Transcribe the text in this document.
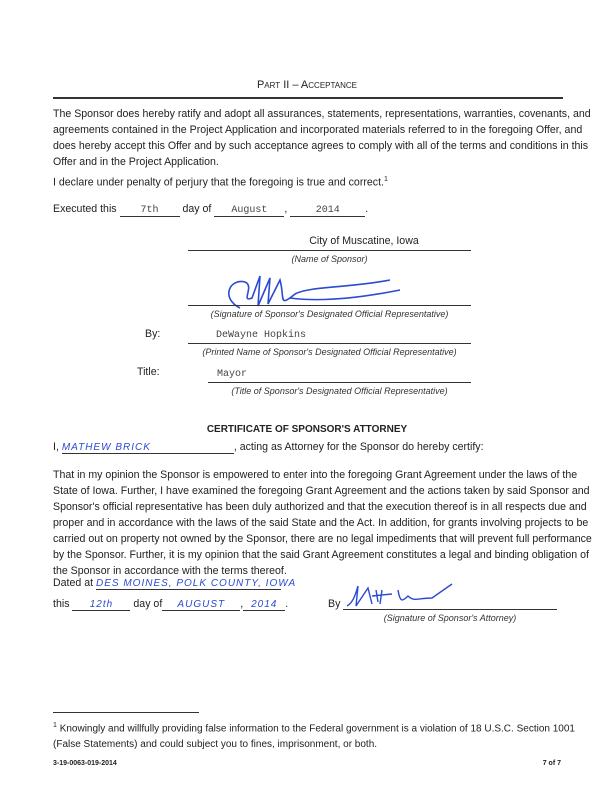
Part II – Acceptance
The Sponsor does hereby ratify and adopt all assurances, statements, representations, warranties, covenants, and agreements contained in the Project Application and incorporated materials referred to in the foregoing Offer, and does hereby accept this Offer and by such acceptance agrees to comply with all of the terms and conditions in this Offer and in the Project Application.
I declare under penalty of perjury that the foregoing is true and correct.$^1$
Executed this 7th day of August ,	2014 .
City of Muscatine, Iowa
(Name of Sponsor)
(Signature of Sponsor's Designated Official Representative)
By:	DeWayne Hopkins
(Printed Name of Sponsor's Designated Official Representative)
Title:	Mayor
(Title of Sponsor's Designated Official Representative)
CERTIFICATE OF SPONSOR'S ATTORNEY
I, MATHEW BRICK	, acting as Attorney for the Sponsor do hereby certify:
That in my opinion the Sponsor is empowered to enter into the foregoing Grant Agreement under the laws of the State of Iowa. Further, I have examined the foregoing Grant Agreement and the actions taken by said Sponsor and Sponsor's official representative has been duly authorized and that the execution thereof is in all respects due and proper and in accordance with the laws of the said State and the Act. In addition, for grants involving projects to be carried out on property not owned by the Sponsor, there are no legal impediments that will prevent full performance by the Sponsor. Further, it is my opinion that the said Grant Agreement constitutes a legal and binding obligation of the Sponsor in accordance with the terms thereof.
Dated at DES MOINES, POLK COUNTY, IOWA
this 12th day of AUGUST , 2014 .	By
(Signature of Sponsor's Attorney)
$^1$ Knowingly and willfully providing false information to the Federal government is a violation of 18 U.S.C. Section 1001 (False Statements) and could subject you to fines, imprisonment, or both.
3-19-0063-019-2014	7 of 7
